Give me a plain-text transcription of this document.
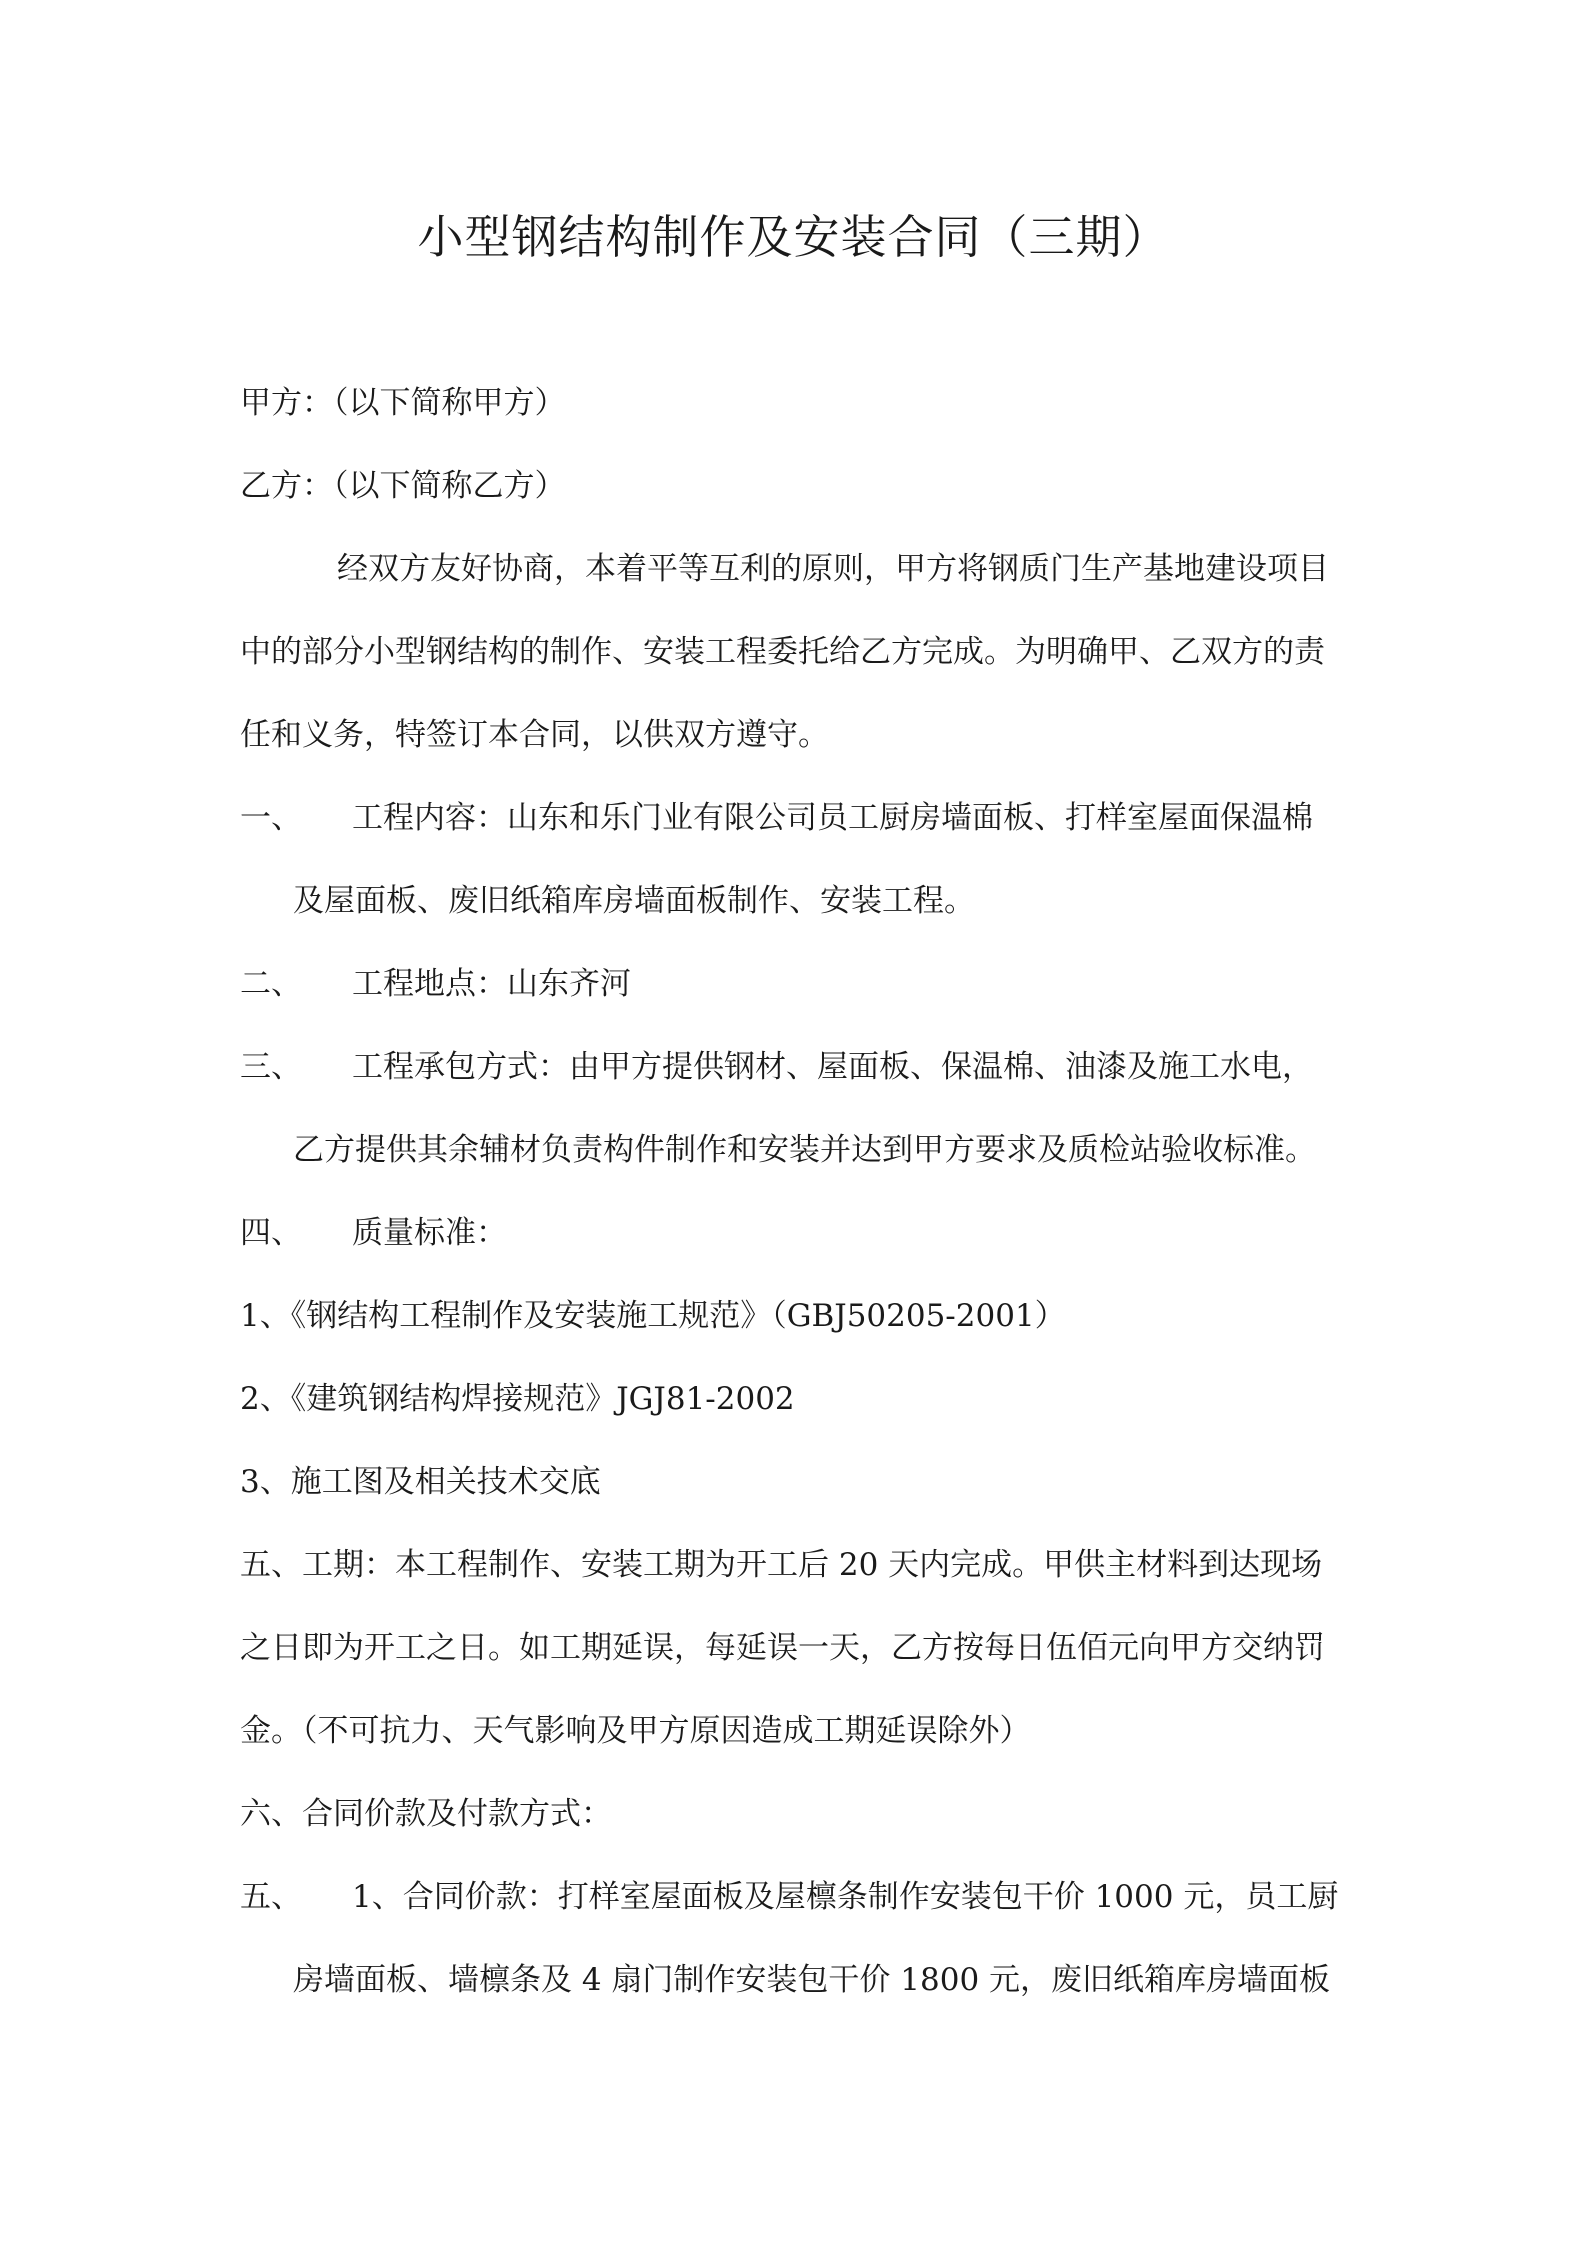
小型钢结构制作及安装合同（三期）
甲方：（以下简称甲方）
乙方：（以下简称乙方）
经双方友好协商，本着平等互利的原则，甲方将钢质门生产基地建设项目
中的部分小型钢结构的制作、安装工程委托给乙方完成。为明确甲、乙双方的责
任和义务，特签订本合同，以供双方遵守。
一、 工程内容：山东和乐门业有限公司员工厨房墙面板、打样室屋面保温棉
及屋面板、废旧纸箱库房墙面板制作、安装工程。
二、 工程地点：山东齐河
三、 工程承包方式：由甲方提供钢材、屋面板、保温棉、油漆及施工水电，
乙方提供其余辅材负责构件制作和安装并达到甲方要求及质检站验收标准。
四、 质量标准：
1、《钢结构工程制作及安装施工规范》（GBJ50205-2001）
2、《建筑钢结构焊接规范》JGJ81-2002
3、施工图及相关技术交底
五、工期：本工程制作、安装工期为开工后 20 天内完成。甲供主材料到达现场
之日即为开工之日。如工期延误，每延误一天，乙方按每日伍佰元向甲方交纳罚
金。（不可抗力、天气影响及甲方原因造成工期延误除外）
六、合同价款及付款方式：
五、 1、合同价款：打样室屋面板及屋檩条制作安装包干价 1000 元，员工厨
房墙面板、墙檩条及 4 扇门制作安装包干价 1800 元，废旧纸箱库房墙面板
